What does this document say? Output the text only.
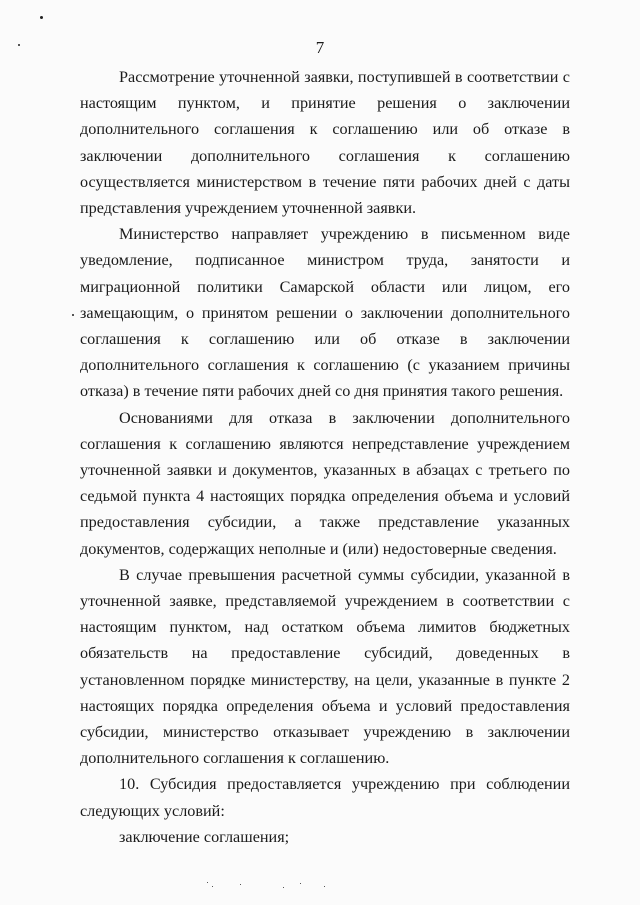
7

Рассмотрение уточненной заявки, поступившей в соответствии с настоящим пунктом, и принятие решения о заключении дополнительного соглашения к соглашению или об отказе в заключении дополнительного соглашения к соглашению осуществляется министерством в течение пяти рабочих дней с даты представления учреждением уточненной заявки.

Министерство направляет учреждению в письменном виде уведомление, подписанное министром труда, занятости и миграционной политики Самарской области или лицом, его замещающим, о принятом решении о заключении дополнительного соглашения к соглашению или об отказе в заключении дополнительного соглашения к соглашению (с указанием причины отказа) в течение пяти рабочих дней со дня принятия такого решения.

Основаниями для отказа в заключении дополнительного соглашения к соглашению являются непредставление учреждением уточненной заявки и документов, указанных в абзацах с третьего по седьмой пункта 4 настоящих порядка определения объема и условий предоставления субсидии, а также представление указанных документов, содержащих неполные и (или) недостоверные сведения.

В случае превышения расчетной суммы субсидии, указанной в уточненной заявке, представляемой учреждением в соответствии с настоящим пунктом, над остатком объема лимитов бюджетных обязательств на предоставление субсидий, доведенных в установленном порядке министерству, на цели, указанные в пункте 2 настоящих порядка определения объема и условий предоставления субсидии, министерство отказывает учреждению в заключении дополнительного соглашения к соглашению.

10. Субсидия предоставляется учреждению при соблюдении следующих условий:

заключение соглашения;
